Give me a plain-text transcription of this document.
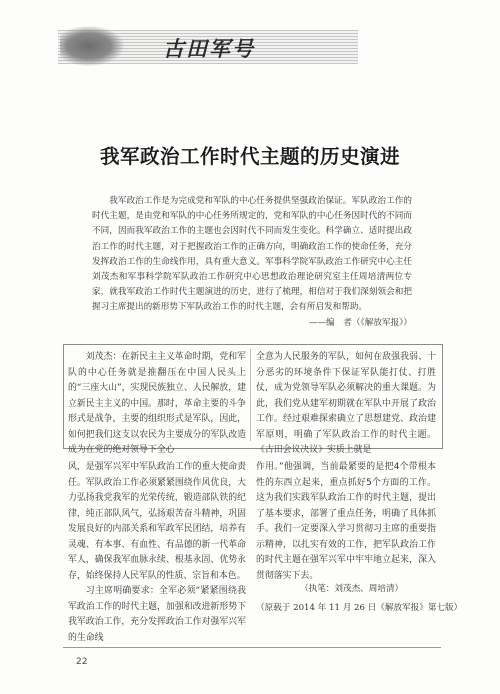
古田军号
我军政治工作时代主题的历史演进

我军政治工作是为完成党和军队的中心任务提供坚强政治保证。军队政治工作的时代主题，是由党和军队的中心任务所规定的，党和军队的中心任务因时代的不同而不同，因而我军政治工作的主题也会因时代不同而发生变化。科学确立、适时提出政治工作的时代主题，对于把握政治工作的正确方向，明确政治工作的使命任务，充分发挥政治工作的生命线作用，具有重大意义。军事科学院军队政治工作研究中心主任刘茂杰和军事科学院军队政治工作研究中心思想政治理论研究室主任周培清两位专家，就我军政治工作时代主题演进的历史，进行了梳理，相信对于我们深刻领会和把握习主席提出的新形势下军队政治工作的时代主题，会有所启发和帮助。

——编　者（《解放军报》）

刘茂杰：在新民主主义革命时期，党和军队的中心任务就是推翻压在中国人民头上的“三座大山”，实现民族独立、人民解放，建立新民主主义的中国。那时，革命主要的斗争形式是战争，主要的组织形式是军队，因此，如何把我们这支以农民为主要成分的军队改造成为在党的绝对领导下全心

全意为人民服务的军队，如何在敌强我弱、十分恶劣的环境条件下保证军队能打仗、打胜仗，成为党领导军队必须解决的重大课题。为此，我们党从建军初期就在军队中开展了政治工作。经过艰难探索确立了思想建党、政治建军原则，明确了军队政治工作的时代主题。《古田会议决议》实质上就是

风，是强军兴军中军队政治工作的重大使命责任。军队政治工作必须紧紧围绕作风优良，大力弘扬我党我军的光荣传统，锻造部队铁的纪律，纯正部队风气，弘扬艰苦奋斗精神，巩固发展良好的内部关系和军政军民团结，培养有灵魂、有本事、有血性、有品德的新一代革命军人，确保我军血脉永续、根基永固、优势永存，始终保持人民军队的性质、宗旨和本色。

习主席明确要求：全军必须“紧紧围绕我军政治工作的时代主题，加强和改进新形势下我军政治工作，充分发挥政治工作对强军兴军的生命线

作用。”他强调，当前最紧要的是把4个带根本性的东西立起来，重点抓好5个方面的工作。这为我们实践军队政治工作的时代主题，提出了基本要求，部署了重点任务，明确了具体抓手。我们一定要深入学习贯彻习主席的重要指示精神，以扎实有效的工作，把军队政治工作的时代主题在强军兴军中牢牢地立起来，深入贯彻落实下去。

（执笔：刘茂杰、周培清）
（原载于 2014 年 11 月 26 日《解放军报》第七版）
22
